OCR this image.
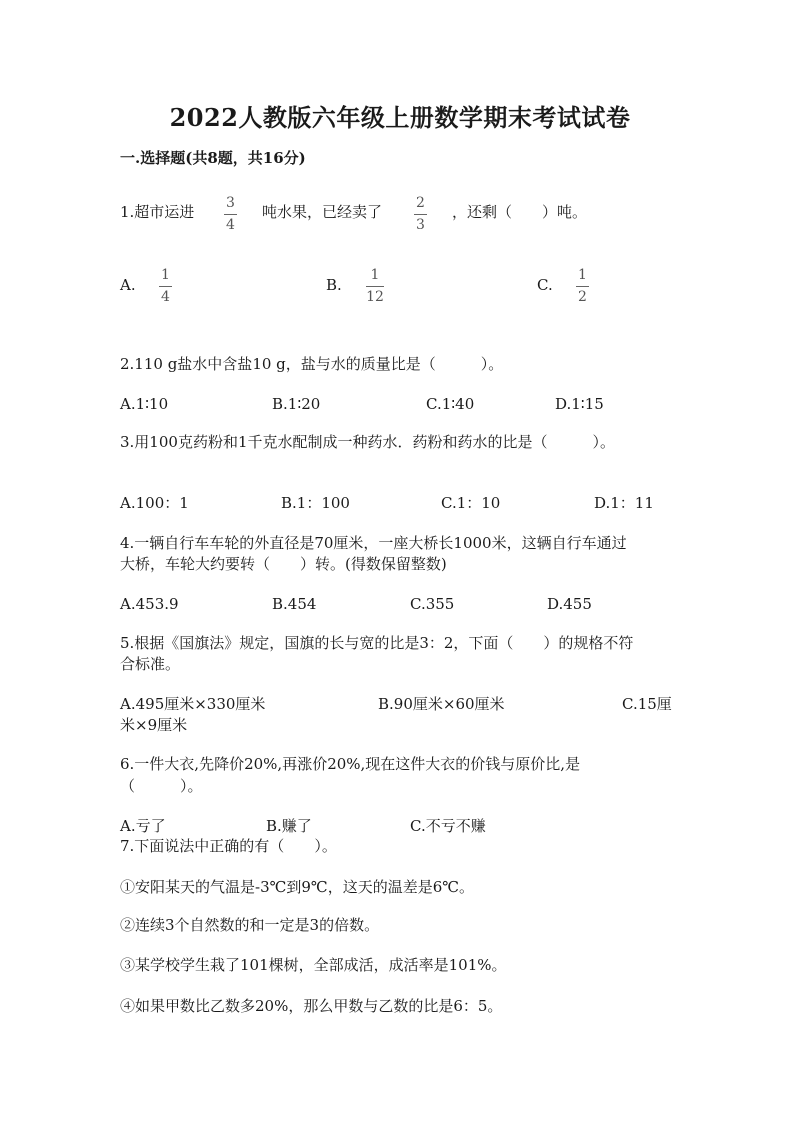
2022人教版六年级上册数学期末考试试卷
一.选择题(共8题，共16分)
1.超市运进 3
4
吨水果，已经卖了 2
3
，还剩（　　）吨。
A.
1
4
B.
1
12
C.
1
2
2.110 g盐水中含盐10 g，盐与水的质量比是（　　　）。
A.1∶10	B.1∶20	C.1∶40	D.1∶15
3.用100克药粉和1千克水配制成一种药水．药粉和药水的比是（　　　）。
A.100：1	B.1：100	C.1：10	D.1：11
4.一辆自行车车轮的外直径是70厘米，一座大桥长1000米，这辆自行车通过
大桥，车轮大约要转（　　）转。(得数保留整数)
A.453.9	B.454	C.355	D.455
5.根据《国旗法》规定，国旗的长与宽的比是3：2，下面（　　）的规格不符
合标准。
A.495厘米×330厘米	B.90厘米×60厘米	C.15厘
米×9厘米
6.一件大衣,先降价20%,再涨价20%,现在这件大衣的价钱与原价比,是
（　　　）。
A.亏了	B.赚了	C.不亏不赚
7.下面说法中正确的有（　　）。
①安阳某天的气温是-3℃到9℃，这天的温差是6℃。
②连续3个自然数的和一定是3的倍数。
③某学校学生栽了101棵树，全部成活，成活率是101%。
④如果甲数比乙数多20%，那么甲数与乙数的比是6：5。
